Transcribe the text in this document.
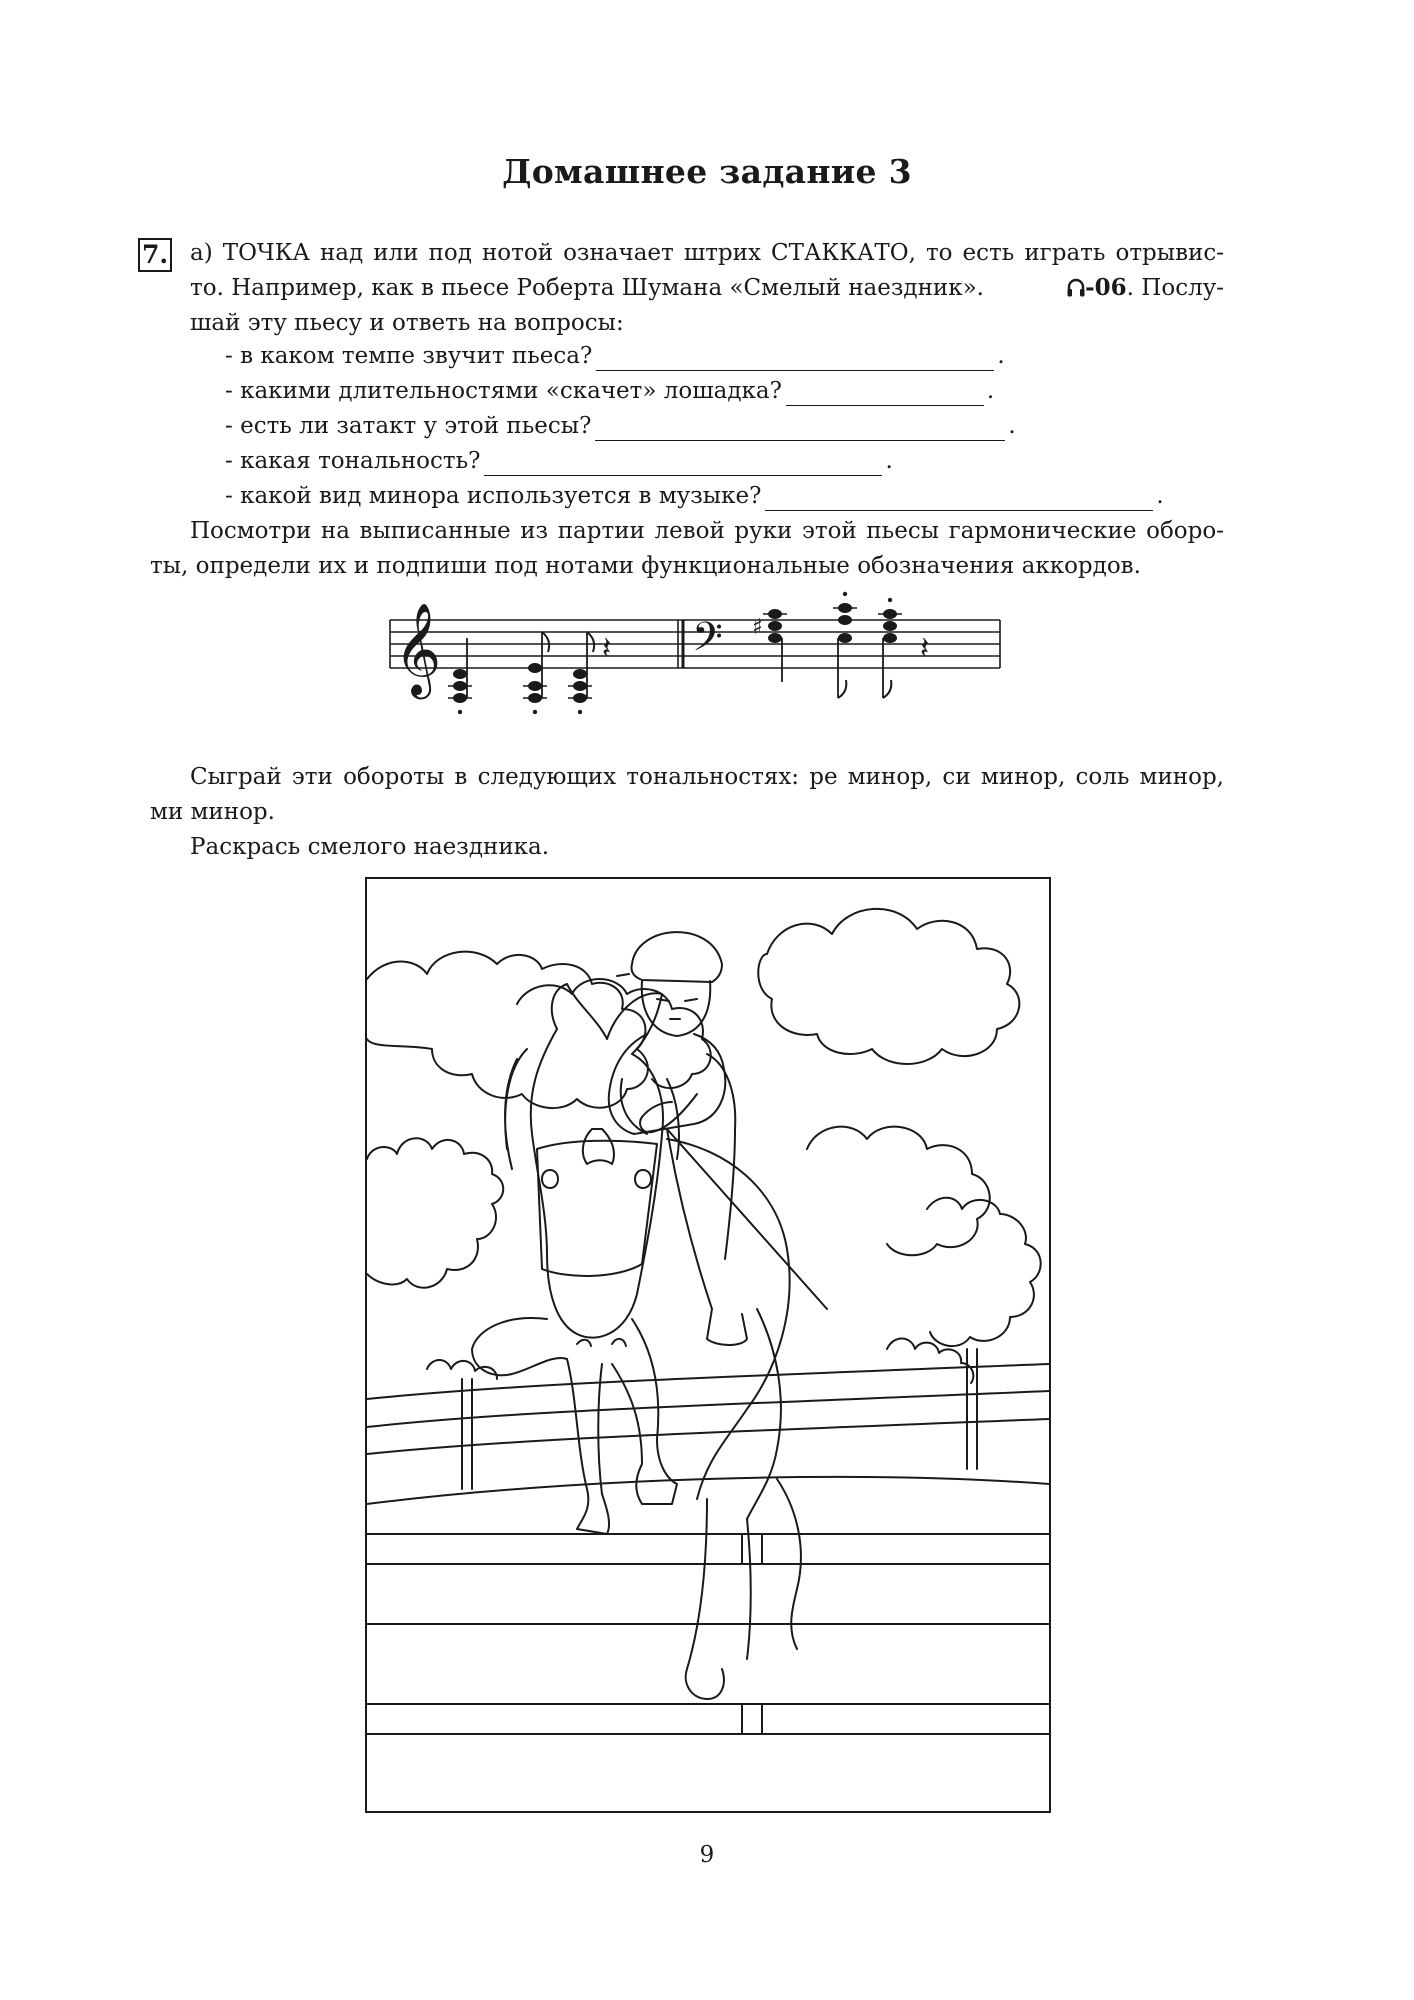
Домашнее задание 3
7. а) ТОЧКА над или под нотой означает штрих СТАККАТО, то есть играть отрывис-
то. Например, как в пьесе Роберта Шумана «Смелый наездник».	-06. Послу-
шай эту пьесу и ответь на вопросы:
- в каком темпе звучит пьеса?	.
- какими длительностями «скачет» лошадка?	.
- есть ли затакт у этой пьесы?	.
- какая тональность?	.
- какой вид минора используется в музыке?	.
Посмотри на выписанные из партии левой руки этой пьесы гармонические оборо-
ты, определи их и подпиши под нотами функциональные обозначения аккордов.
𝄞	𝄢
𝄽
♯
𝄽
Сыграй эти обороты в следующих тональностях: ре минор, си минор, соль минор,
ми минор.
Раскрась смелого наездника.
9
